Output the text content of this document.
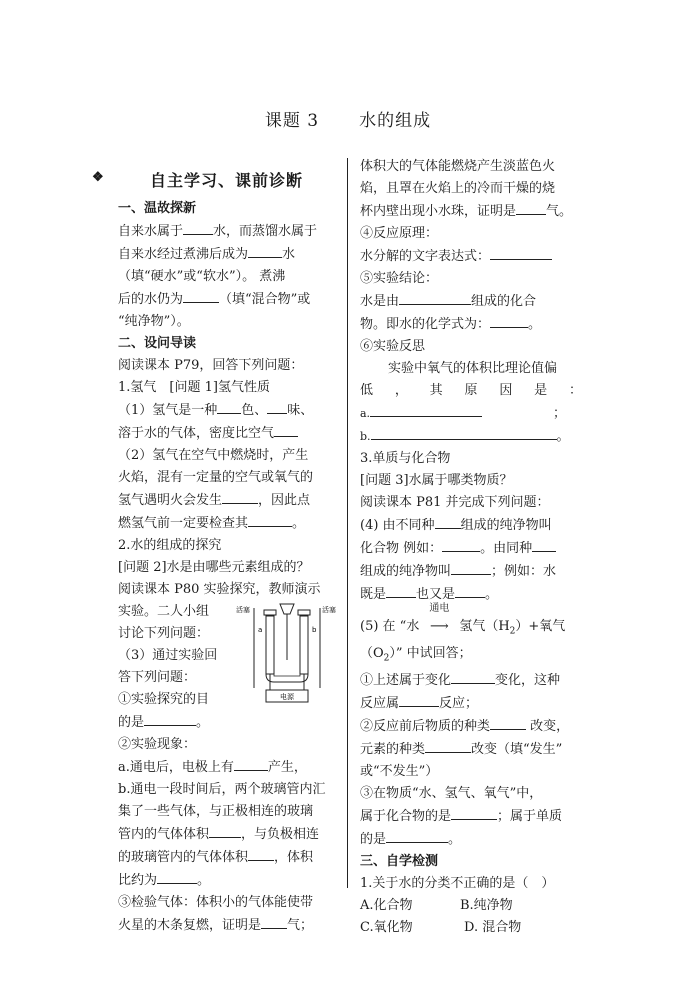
课题 3 水的组成
❖	自主学习、课前诊断

一、温故探新

自来水属于 水，而蒸馏水属于

自来水经过煮沸后成为	水

（填“硬水”或“软水”）。 煮沸

后的水仍为	（填“混合物”或

“纯净物”）。

二、设问导读

阅读课本 P79，回答下列问题：

1.氢气　[问题 1]氢气性质

（1）氢气是一种 色、 味、

溶于水的气体，密度比空气

（2）氢气在空气中燃烧时，产生

火焰，混有一定量的空气或氧气的

氢气遇明火会发生	，因此点

燃氢气前一定要检查其	。

2.水的组成的探究

[问题 2]水是由哪些元素组成的？

阅读课本 P80 实验探究，教师演示

实验。二人小组

讨论下列问题：

（3）通过实验回

答下列问题：

①实验探究的目

的是	。

②实验现象：

a.通电后，电极上有	产生，

b.通电一段时间后，两个玻璃管内汇

集了一些气体，与正极相连的玻璃

管内的气体体积 ，与负极相连

的玻璃管内的气体体积 ，体积

比约为	。

③检验气体：体积小的气体能使带

火星的木条复燃，证明是 气；

电源
活塞	活塞
a	b

体积大的气体能燃烧产生淡蓝色火

焰，且罩在火焰上的冷而干燥的烧

杯内壁出现小水珠，证明是 气。

④反应原理：

水分解的文字表达式：

⑤实验结论：

水是由	组成的化合

物。即水的化学式为：	。

⑥实验反思

实验中氧气的体积比理论值偏

低 ， 其 原 因 是 ：

a.	；

b.	。

3.单质与化合物

[问题 3]水属于哪类物质？

阅读课本 P81 并完成下列问题：

(4) 由不同种 组成的纯净物叫

化合物 例如：	。由同种

组成的纯净物叫	；例如：水

既是 也又是 。

(5) 在 “水
通电
⟶ 氢气$(H_2)+$氧气

$(O_2)$” 中试回答；

①上述属于变化	变化，这种

反应属	反应；

②反应前后物质的种类	改变，

元素的种类	改变（填“发生”

或“不发生”）

③在物质“水、氢气、氧气”中，

属于化合物的是	；属于单质

的是	。

三、自学检测

1.关于水的分类不正确的是（　）

A.化合物	B.纯净物

C.氧化物	D. 混合物
